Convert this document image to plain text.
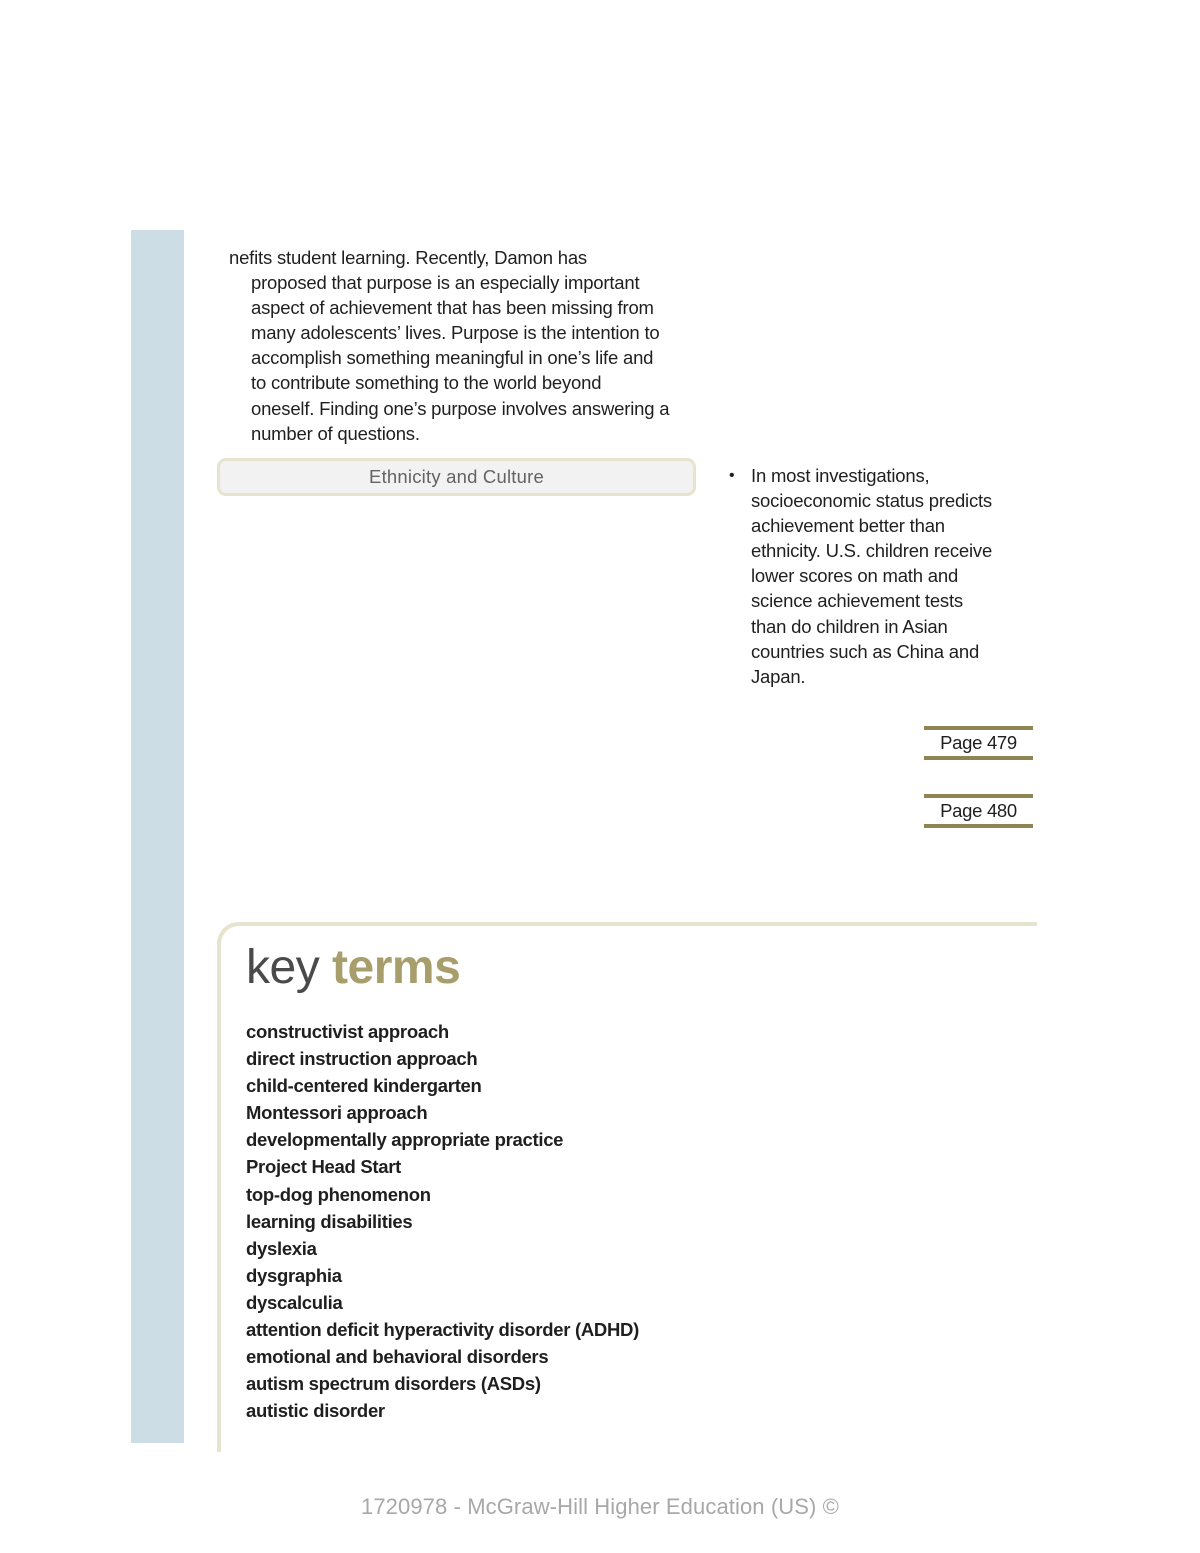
nefits student learning. Recently, Damon has
proposed that purpose is an especially important
aspect of achievement that has been missing from
many adolescents’ lives. Purpose is the intention to
accomplish something meaningful in one’s life and
to contribute something to the world beyond
oneself. Finding one’s purpose involves answering a
number of questions.
Ethnicity and Culture	• In most investigations,
socioeconomic status predicts
achievement better than
ethnicity. U.S. children receive
lower scores on math and
science achievement tests
than do children in Asian
countries such as China and
Japan.
Page 479
Page 480
key terms
constructivist approach
direct instruction approach
child-centered kindergarten
Montessori approach
developmentally appropriate practice
Project Head Start
top-dog phenomenon
learning disabilities
dyslexia
dysgraphia
dyscalculia
attention deficit hyperactivity disorder (ADHD)
emotional and behavioral disorders
autism spectrum disorders (ASDs)
autistic disorder
1720978 - McGraw-Hill Higher Education (US) ©
